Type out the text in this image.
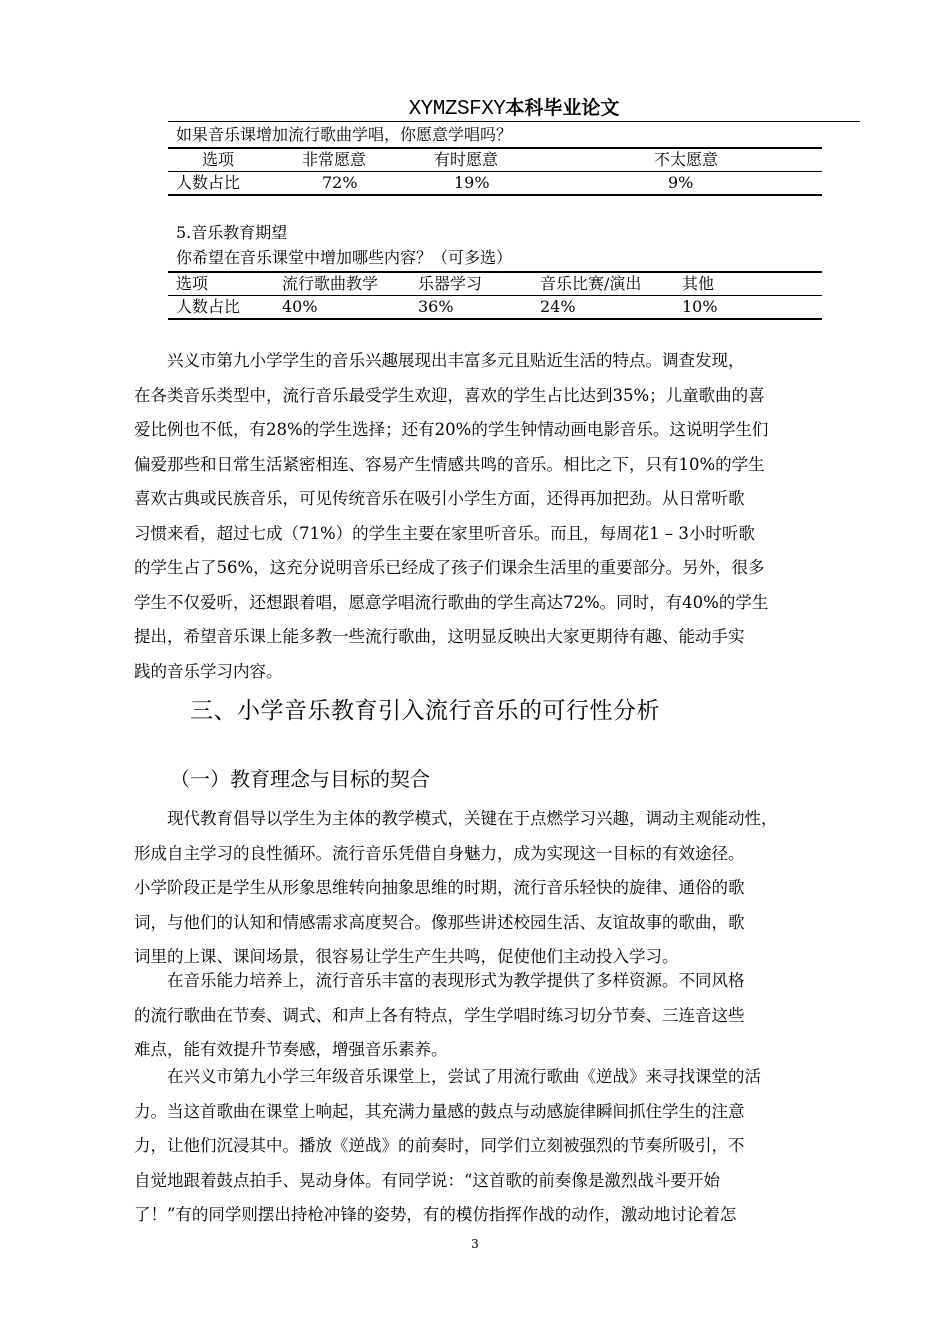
XYMZSFXY本科毕业论文
如果音乐课增加流行歌曲学唱，你愿意学唱吗？
选项	非常愿意	有时愿意	不太愿意
人数占比	72%	19%	9%
5.音乐教育期望
你希望在音乐课堂中增加哪些内容？（可多选）
选项	流行歌曲教学	乐器学习	音乐比赛/演出	其他
人数占比	40%	36%	24%	10%
　　兴义市第九小学学生的音乐兴趣展现出丰富多元且贴近生活的特点。调查发现，
在各类音乐类型中，流行音乐最受学生欢迎，喜欢的学生占比达到35%；儿童歌曲的喜
爱比例也不低，有28%的学生选择；还有20%的学生钟情动画电影音乐。这说明学生们
偏爱那些和日常生活紧密相连、容易产生情感共鸣的音乐。相比之下，只有10%的学生
喜欢古典或民族音乐，可见传统音乐在吸引小学生方面，还得再加把劲。从日常听歌
习惯来看，超过七成（71%）的学生主要在家里听音乐。而且，每周花1 – 3小时听歌
的学生占了56%，这充分说明音乐已经成了孩子们课余生活里的重要部分。另外，很多
学生不仅爱听，还想跟着唱，愿意学唱流行歌曲的学生高达72%。同时，有40%的学生
提出，希望音乐课上能多教一些流行歌曲，这明显反映出大家更期待有趣、能动手实
践的音乐学习内容。
三、小学音乐教育引入流行音乐的可行性分析
（一）教育理念与目标的契合
　　现代教育倡导以学生为主体的教学模式，关键在于点燃学习兴趣，调动主观能动性，
形成自主学习的良性循环。流行音乐凭借自身魅力，成为实现这一目标的有效途径。
小学阶段正是学生从形象思维转向抽象思维的时期，流行音乐轻快的旋律、通俗的歌
词，与他们的认知和情感需求高度契合。像那些讲述校园生活、友谊故事的歌曲，歌
词里的上课、课间场景，很容易让学生产生共鸣，促使他们主动投入学习。
　　在音乐能力培养上，流行音乐丰富的表现形式为教学提供了多样资源。不同风格
的流行歌曲在节奏、调式、和声上各有特点，学生学唱时练习切分节奏、三连音这些
难点，能有效提升节奏感，增强音乐素养。
　　在兴义市第九小学三年级音乐课堂上，尝试了用流行歌曲《逆战》来寻找课堂的活
力。当这首歌曲在课堂上响起，其充满力量感的鼓点与动感旋律瞬间抓住学生的注意
力，让他们沉浸其中。播放《逆战》的前奏时，同学们立刻被强烈的节奏所吸引，不
自觉地跟着鼓点拍手、晃动身体。有同学说：“这首歌的前奏像是激烈战斗要开始
了！”有的同学则摆出持枪冲锋的姿势，有的模仿指挥作战的动作，激动地讨论着怎
3
